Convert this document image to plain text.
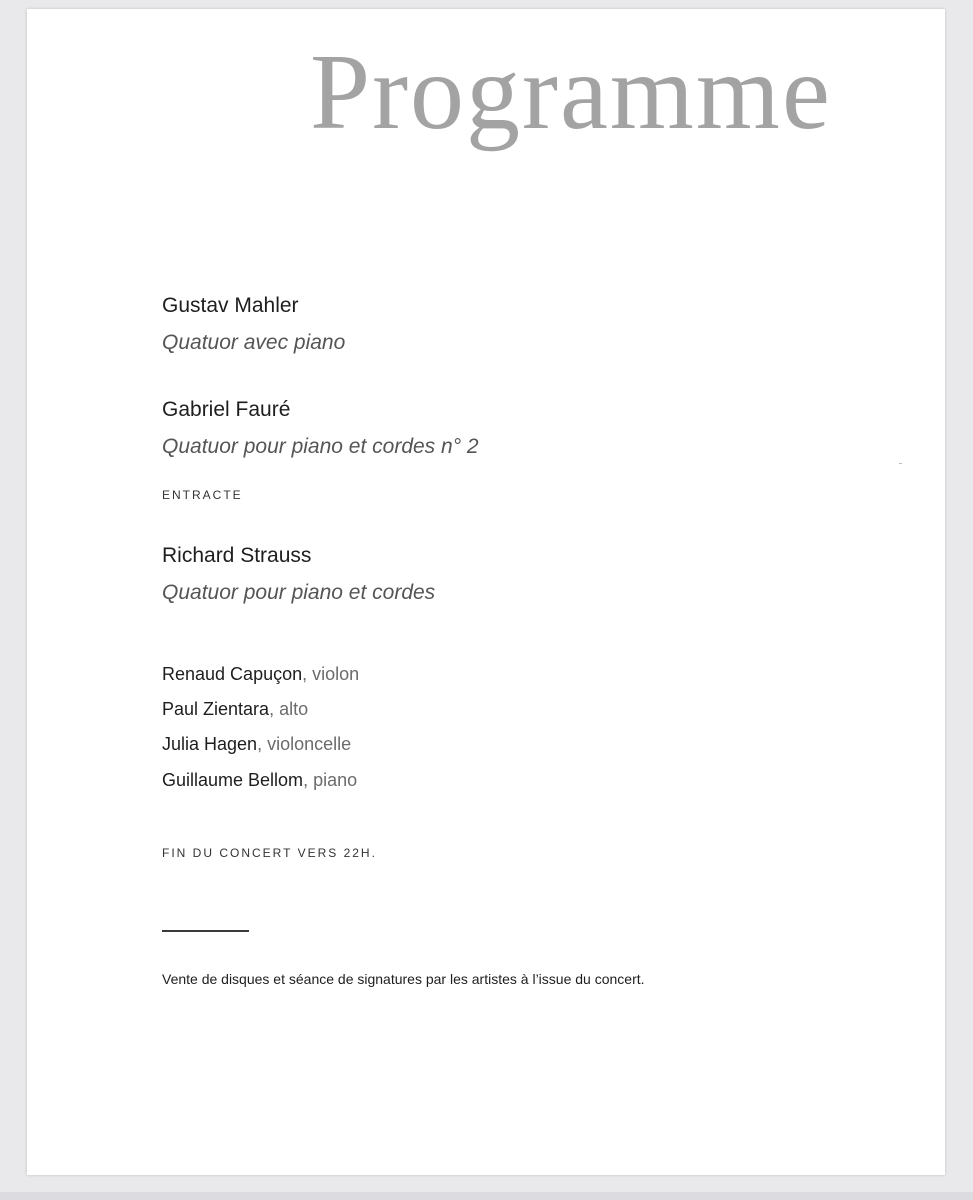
Programme
Gustav Mahler
Quatuor avec piano
Gabriel Fauré
Quatuor pour piano et cordes n° 2
ENTRACTE
Richard Strauss
Quatuor pour piano et cordes
Renaud Capuçon, violon
Paul Zientara, alto
Julia Hagen, violoncelle
Guillaume Bellom, piano
FIN DU CONCERT VERS 22H.
Vente de disques et séance de signatures par les artistes à l’issue du concert.
